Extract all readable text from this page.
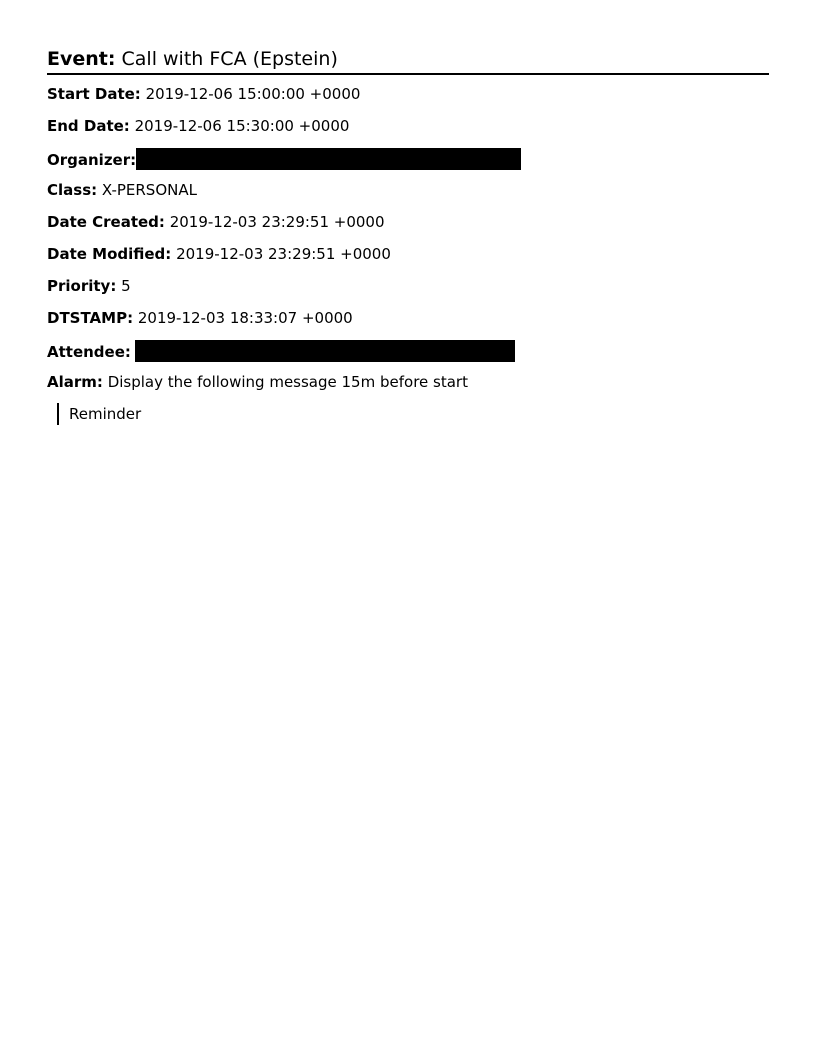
Event: Call with FCA (Epstein)
Start Date: 2019-12-06 15:00:00 +0000
End Date: 2019-12-06 15:30:00 +0000
Organizer:
Class: X-PERSONAL
Date Created: 2019-12-03 23:29:51 +0000
Date Modified: 2019-12-03 23:29:51 +0000
Priority: 5
DTSTAMP: 2019-12-03 18:33:07 +0000
Attendee:
Alarm: Display the following message 15m before start
Reminder
